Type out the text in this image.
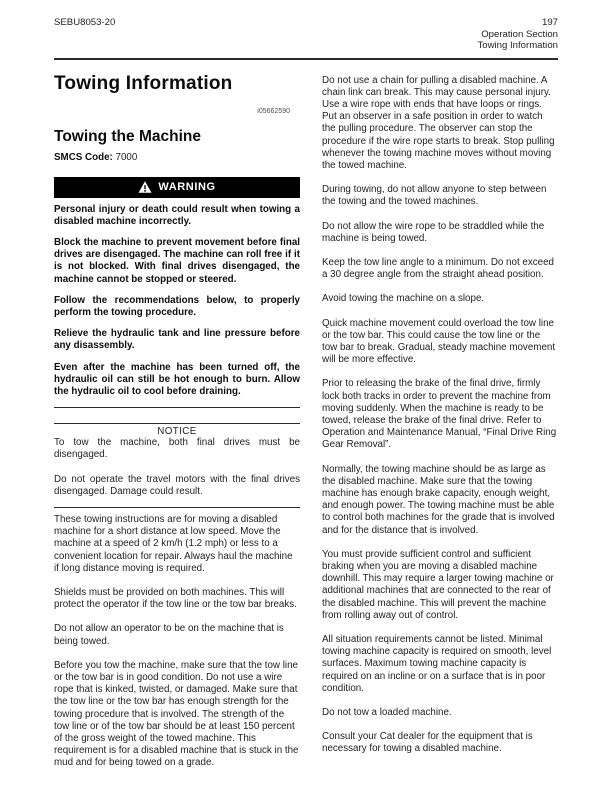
SEBU8053-20	197
Operation Section
Towing Information
Towing Information
i05662590
Towing the Machine

SMCS Code: 7000

WARNING

Personal injury or death could result when towing a disabled machine incorrectly.

Block the machine to prevent movement before final drives are disengaged. The machine can roll free if it is not blocked. With final drives disengaged, the machine cannot be stopped or steered.

Follow the recommendations below, to properly perform the towing procedure.

Relieve the hydraulic tank and line pressure before any disassembly.

Even after the machine has been turned off, the hydraulic oil can still be hot enough to burn. Allow the hydraulic oil to cool before draining.

NOTICE

To tow the machine, both final drives must be disengaged.

Do not operate the travel motors with the final drives disengaged. Damage could result.

These towing instructions are for moving a disabled machine for a short distance at low speed. Move the machine at a speed of 2 km/h (1.2 mph) or less to a convenient location for repair. Always haul the machine if long distance moving is required.

Shields must be provided on both machines. This will protect the operator if the tow line or the tow bar breaks.

Do not allow an operator to be on the machine that is being towed.

Before you tow the machine, make sure that the tow line or the tow bar is in good condition. Do not use a wire rope that is kinked, twisted, or damaged. Make sure that the tow line or the tow bar has enough strength for the towing procedure that is involved. The strength of the tow line or of the tow bar should be at least 150 percent of the gross weight of the towed machine. This requirement is for a disabled machine that is stuck in the mud and for being towed on a grade.

Do not use a chain for pulling a disabled machine. A chain link can break. This may cause personal injury. Use a wire rope with ends that have loops or rings. Put an observer in a safe position in order to watch the pulling procedure. The observer can stop the procedure if the wire rope starts to break. Stop pulling whenever the towing machine moves without moving the towed machine.

During towing, do not allow anyone to step between the towing and the towed machines.

Do not allow the wire rope to be straddled while the machine is being towed.

Keep the tow line angle to a minimum. Do not exceed a 30 degree angle from the straight ahead position.

Avoid towing the machine on a slope.

Quick machine movement could overload the tow line or the tow bar. This could cause the tow line or the tow bar to break. Gradual, steady machine movement will be more effective.

Prior to releasing the brake of the final drive, firmly lock both tracks in order to prevent the machine from moving suddenly. When the machine is ready to be towed, release the brake of the final drive. Refer to Operation and Maintenance Manual, “Final Drive Ring Gear Removal”.

Normally, the towing machine should be as large as the disabled machine. Make sure that the towing machine has enough brake capacity, enough weight, and enough power. The towing machine must be able to control both machines for the grade that is involved and for the distance that is involved.

You must provide sufficient control and sufficient braking when you are moving a disabled machine downhill. This may require a larger towing machine or additional machines that are connected to the rear of the disabled machine. This will prevent the machine from rolling away out of control.

All situation requirements cannot be listed. Minimal towing machine capacity is required on smooth, level surfaces. Maximum towing machine capacity is required on an incline or on a surface that is in poor condition.

Do not tow a loaded machine.

Consult your Cat dealer for the equipment that is necessary for towing a disabled machine.
